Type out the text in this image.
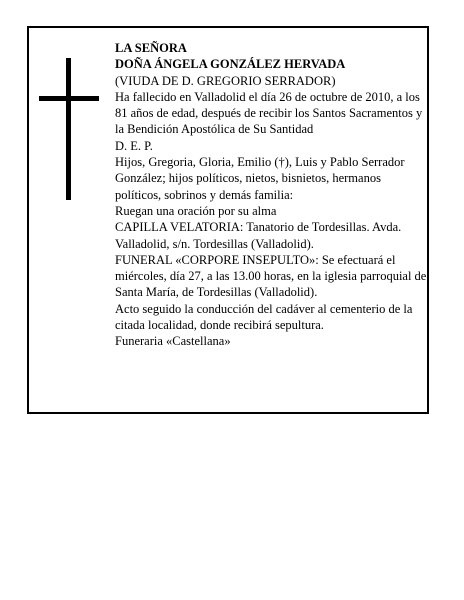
LA SEÑORA

DOÑA ÁNGELA GONZÁLEZ HERVADA

(VIUDA DE D. GREGORIO SERRADOR)

Ha fallecido en Valladolid el día 26 de octubre de 2010, a los 81 años de edad, después de recibir los Santos Sacramentos y la Bendición Apostólica de Su Santidad

D. E. P.

Hijos, Gregoria, Gloria, Emilio (†), Luis y Pablo Serrador González; hijos políticos, nietos, bisnietos, hermanos políticos, sobrinos y demás familia:

Ruegan una oración por su alma

CAPILLA VELATORIA: Tanatorio de Tordesillas. Avda. Valladolid, s/n. Tordesillas (Valladolid).

FUNERAL «CORPORE INSEPULTO»: Se efectuará el miércoles, día 27, a las 13.00 horas, en la iglesia parroquial de Santa María, de Tordesillas (Valladolid).

Acto seguido la conducción del cadáver al cementerio de la citada localidad, donde recibirá sepultura.

Funeraria «Castellana»
